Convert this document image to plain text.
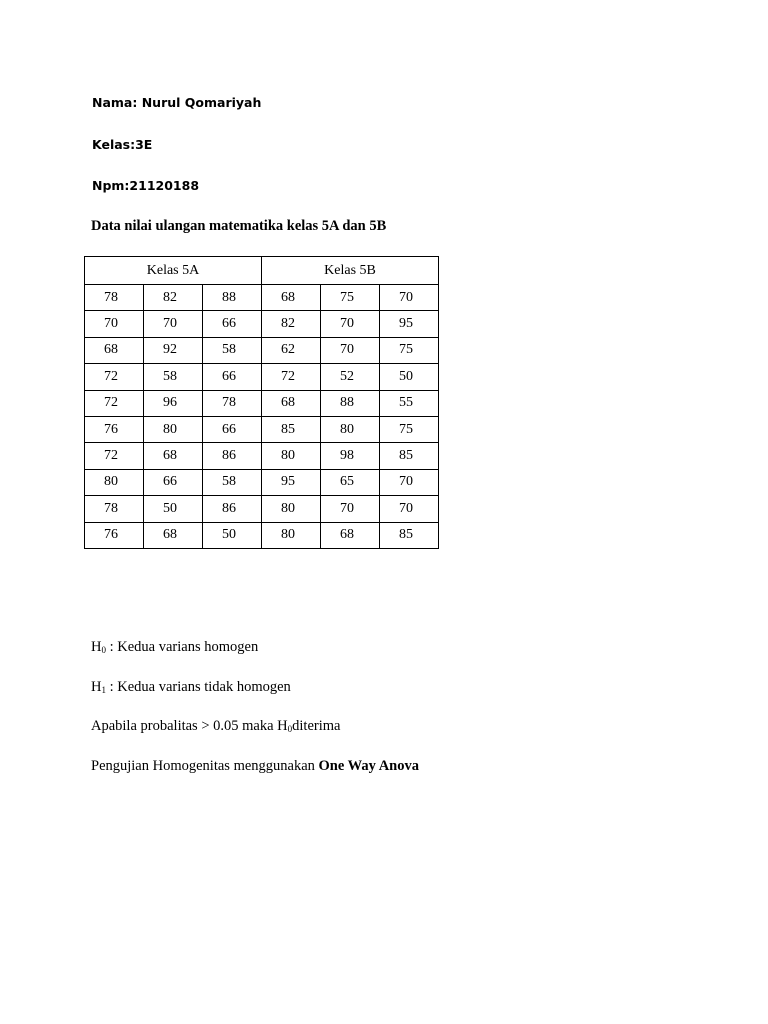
Nama: Nurul Qomariyah
Kelas:3E
Npm:21120188
Data nilai ulangan matematika kelas 5A dan 5B
Kelas 5A			Kelas 5B		
78	82	88	68	75	70
70	70	66	82	70	95
68	92	58	62	70	75
72	58	66	72	52	50
72	96	78	68	88	55
76	80	66	85	80	75
72	68	86	80	98	85
80	66	58	95	65	70
78	50	86	80	70	70
76	68	50	80	68	85
$H_0$ : Kedua varians homogen
$H_1$ : Kedua varians tidak homogen
Apabila probalitas > 0.05 maka $H_0diterima$
Pengujian Homogenitas menggunakan One Way Anova
